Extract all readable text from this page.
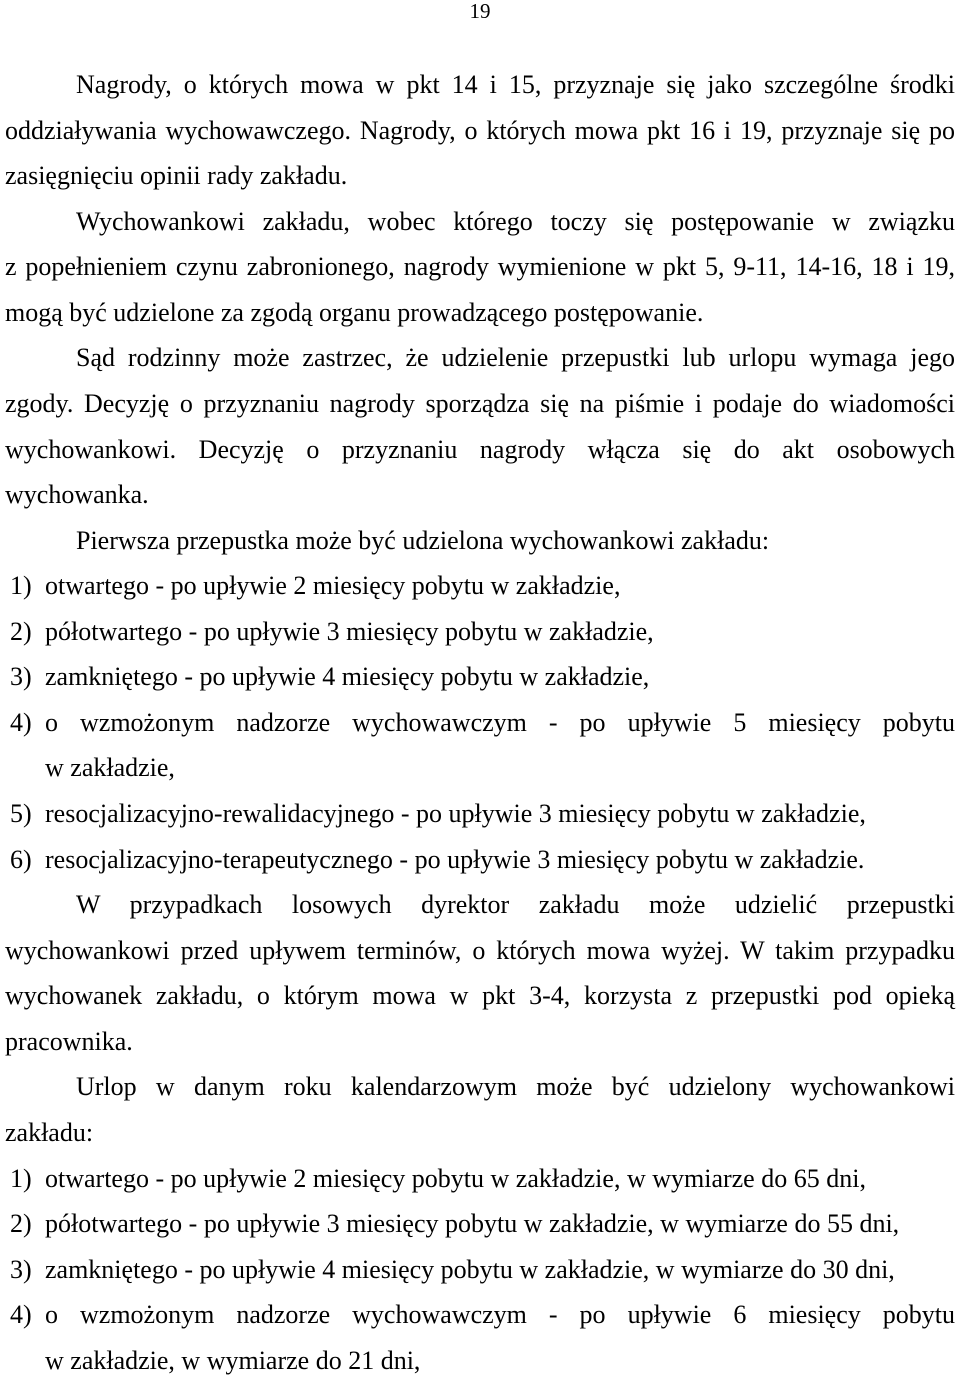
19
Nagrody, o których mowa w pkt 14 i 15, przyznaje się jako szczególne środki
oddziaływania wychowawczego. Nagrody, o których mowa pkt 16 i 19, przyznaje się po
zasięgnięciu opinii rady zakładu.
Wychowankowi zakładu, wobec którego toczy się postępowanie w związku
z popełnieniem czynu zabronionego, nagrody wymienione w pkt 5, 9-11, 14-16, 18 i 19,
mogą być udzielone za zgodą organu prowadzącego postępowanie.
Sąd rodzinny może zastrzec, że udzielenie przepustki lub urlopu wymaga jego
zgody. Decyzję o przyznaniu nagrody sporządza się na piśmie i podaje do wiadomości
wychowankowi. Decyzję o przyznaniu nagrody włącza się do akt osobowych
wychowanka.
Pierwsza przepustka może być udzielona wychowankowi zakładu:
1) otwartego - po upływie 2 miesięcy pobytu w zakładzie,
2) półotwartego - po upływie 3 miesięcy pobytu w zakładzie,
3) zamkniętego - po upływie 4 miesięcy pobytu w zakładzie,
4) o wzmożonym nadzorze wychowawczym - po upływie 5 miesięcy pobytu
w zakładzie,
5) resocjalizacyjno-rewalidacyjnego - po upływie 3 miesięcy pobytu w zakładzie,
6) resocjalizacyjno-terapeutycznego - po upływie 3 miesięcy pobytu w zakładzie.
W przypadkach losowych dyrektor zakładu może udzielić przepustki
wychowankowi przed upływem terminów, o których mowa wyżej. W takim przypadku
wychowanek zakładu, o którym mowa w pkt 3-4, korzysta z przepustki pod opieką
pracownika.
Urlop w danym roku kalendarzowym może być udzielony wychowankowi
zakładu:
1) otwartego - po upływie 2 miesięcy pobytu w zakładzie, w wymiarze do 65 dni,
2) półotwartego - po upływie 3 miesięcy pobytu w zakładzie, w wymiarze do 55 dni,
3) zamkniętego - po upływie 4 miesięcy pobytu w zakładzie, w wymiarze do 30 dni,
4) o wzmożonym nadzorze wychowawczym - po upływie 6 miesięcy pobytu
w zakładzie, w wymiarze do 21 dni,
